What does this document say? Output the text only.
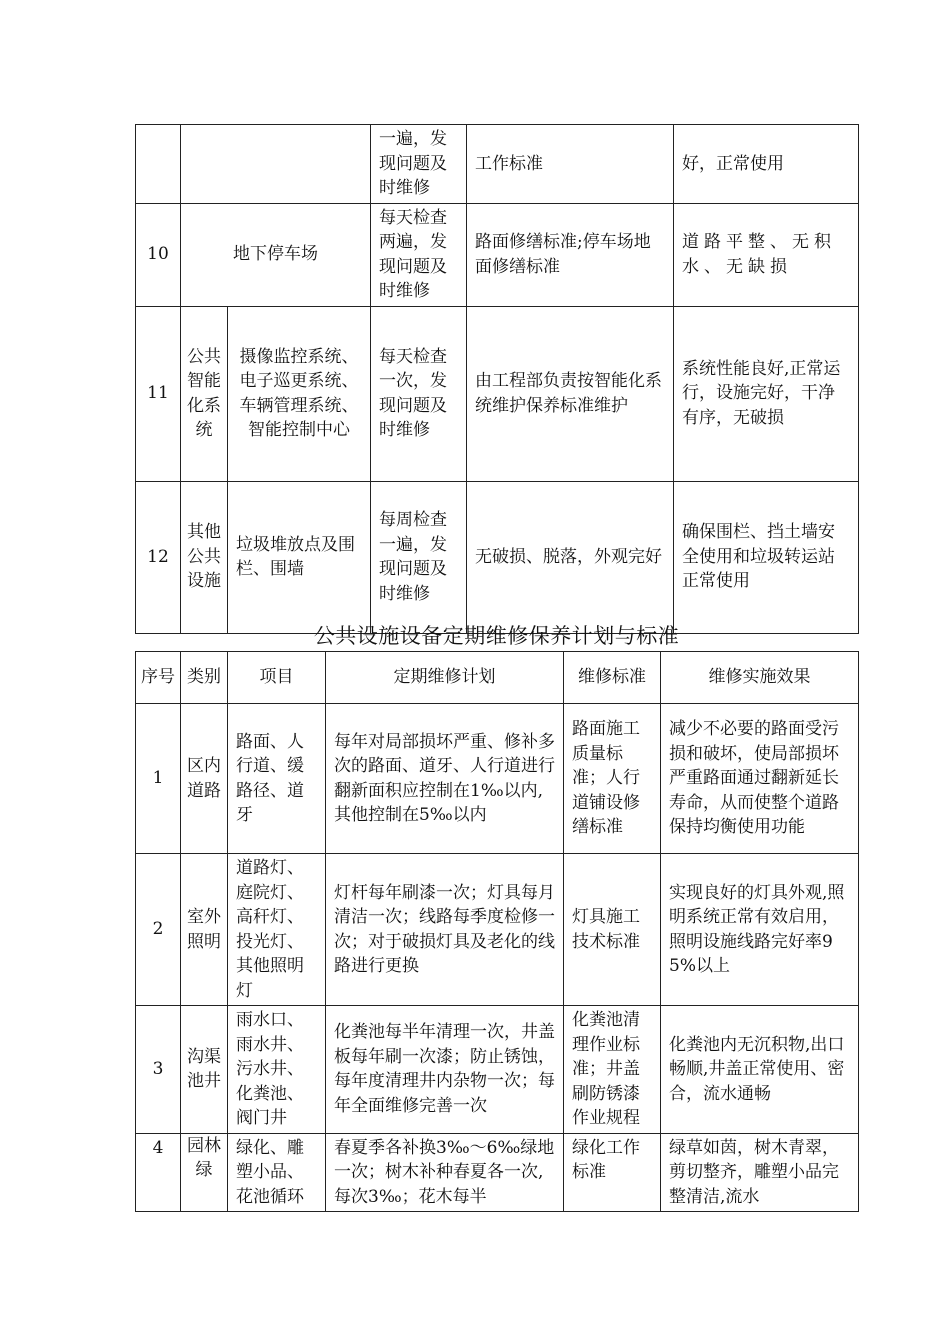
			一遍，发现问题及时维修	工作标准	好，正常使用
10	地下停车场		每天检查两遍，发现问题及时维修	路面修缮标准;停车场地面修缮标准	道路平整、无积水、无缺损
11	公共智能化系统	摄像监控系统、电子巡更系统、车辆管理系统、智能控制中心	每天检查一次，发现问题及时维修	由工程部负责按智能化系统维护保养标准维护	系统性能良好,正常运行，设施完好，干净有序，无破损
12	其他公共设施	垃圾堆放点及围栏、围墙	每周检查一遍，发现问题及时维修	无破损、脱落，外观完好	确保围栏、挡土墙安全使用和垃圾转运站正常使用
公共设施设备定期维修保养计划与标准
序号	类别	项目	定期维修计划	维修标准	维修实施效果
1	区内道路	路面、人行道、缓路径、道牙	每年对局部损坏严重、修补多次的路面、道牙、人行道进行翻新面积应控制在1‰以内,其他控制在5‰以内	路面施工质量标准；人行道铺设修缮标准	减少不必要的路面受污损和破坏，使局部损坏严重路面通过翻新延长寿命，从而使整个道路保持均衡使用功能
2	室外照明	道路灯、庭院灯、高秆灯、投光灯、其他照明灯	灯杆每年刷漆一次；灯具每月清洁一次；线路每季度检修一次；对于破损灯具及老化的线路进行更换	灯具施工技术标准	实现良好的灯具外观,照明系统正常有效启用，照明设施线路完好率95%以上
3	沟渠池井	雨水口、雨水井、污水井、化粪池、阀门井	化粪池每半年清理一次，井盖板每年刷一次漆；防止锈蚀，每年度清理井内杂物一次；每年全面维修完善一次	化粪池清理作业标准；井盖刷防锈漆作业规程	化粪池内无沉积物,出口畅顺,井盖正常使用、密合，流水通畅
4	园林绿	绿化、雕塑小品、花池循环	春夏季各补换3‰～6‰绿地一次；树木补种春夏各一次,每次3‰；花木每半	绿化工作标准	绿草如茵，树木青翠，剪切整齐，雕塑小品完整清洁,流水
